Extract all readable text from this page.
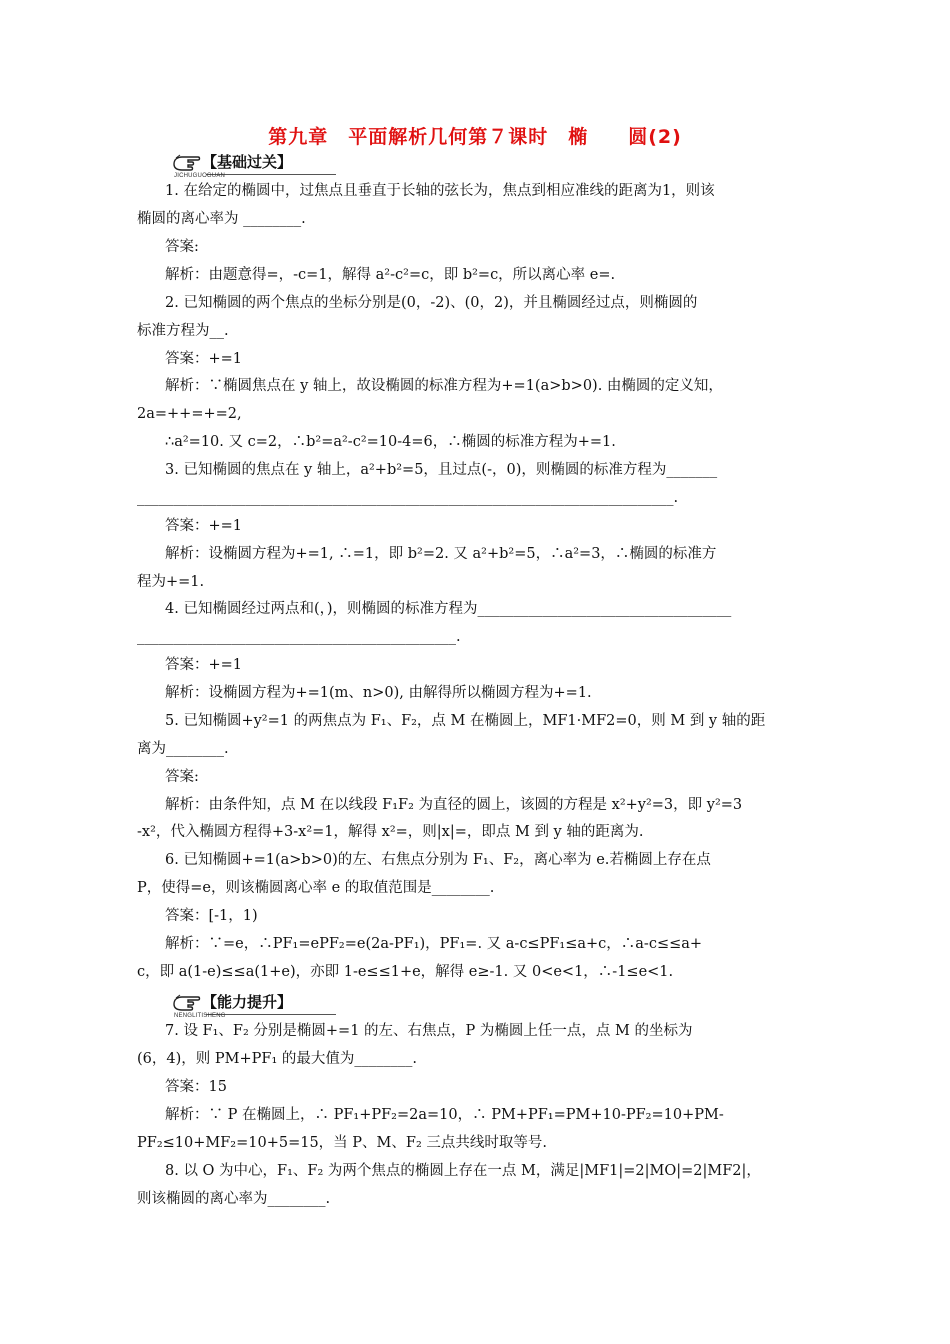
第九章　平面解析几何第７课时　椭　　圆(2)
【基础过关】
JICHUGUOGUAN
【能力提升】
NENGLITISHENG
1. 在给定的椭圆中，过焦点且垂直于长轴的弦长为，焦点到相应准线的距离为1，则该
椭圆的离心率为 ________.
答案:
解析：由题意得=，-c=1，解得 a²-c²=c，即 b²=c，所以离心率 e=.
2. 已知椭圆的两个焦点的坐标分别是(0，-2)、(0，2)，并且椭圆经过点，则椭圆的
标准方程为__.
答案：+=1
解析：∵椭圆焦点在 y 轴上，故设椭圆的标准方程为+=1(a>b>0). 由椭圆的定义知，
2a=++=+=2,
∴a²=10. 又 c=2，∴b²=a²-c²=10-4=6，∴椭圆的标准方程为+=1.
3. 已知椭圆的焦点在 y 轴上，a²+b²=5，且过点(-，0)，则椭圆的标准方程为_______
__________________________________________________________________________.
答案：+=1
解析：设椭圆方程为+=1, ∴=1，即 b²=2. 又 a²+b²=5，∴a²=3，∴椭圆的标准方
程为+=1.
4. 已知椭圆经过两点和(，)，则椭圆的标准方程为___________________________________
____________________________________________.
答案：+=1
解析：设椭圆方程为+=1(m、n>0), 由解得所以椭圆方程为+=1.
5. 已知椭圆+y²=1 的两焦点为 F₁、F₂，点 M 在椭圆上，MF1·MF2=0，则 M 到 y 轴的距
离为________.
答案:
解析：由条件知，点 M 在以线段 F₁F₂ 为直径的圆上，该圆的方程是 x²+y²=3，即 y²=3
-x²，代入椭圆方程得+3-x²=1，解得 x²=，则|x|=，即点 M 到 y 轴的距离为.
6. 已知椭圆+=1(a>b>0)的左、右焦点分别为 F₁、F₂，离心率为 e.若椭圆上存在点
P，使得=e，则该椭圆离心率 e 的取值范围是________.
答案：[-1，1)
解析：∵=e，∴PF₁=ePF₂=e(2a-PF₁)，PF₁=. 又 a-c≤PF₁≤a+c，∴a-c≤≤a+
c，即 a(1-e)≤≤a(1+e)，亦即 1-e≤≤1+e，解得 e≥-1. 又 0<e<1，∴-1≤e<1.
7. 设 F₁、F₂ 分别是椭圆+=1 的左、右焦点，P 为椭圆上任一点，点 M 的坐标为
(6，4)，则 PM+PF₁ 的最大值为________.
答案：15
解析：∵ P 在椭圆上，∴ PF₁+PF₂=2a=10，∴ PM+PF₁=PM+10-PF₂=10+PM-
PF₂≤10+MF₂=10+5=15，当 P、M、F₂ 三点共线时取等号.
8. 以 O 为中心，F₁、F₂ 为两个焦点的椭圆上存在一点 M，满足|MF1|=2|MO|=2|MF2|，
则该椭圆的离心率为________.
